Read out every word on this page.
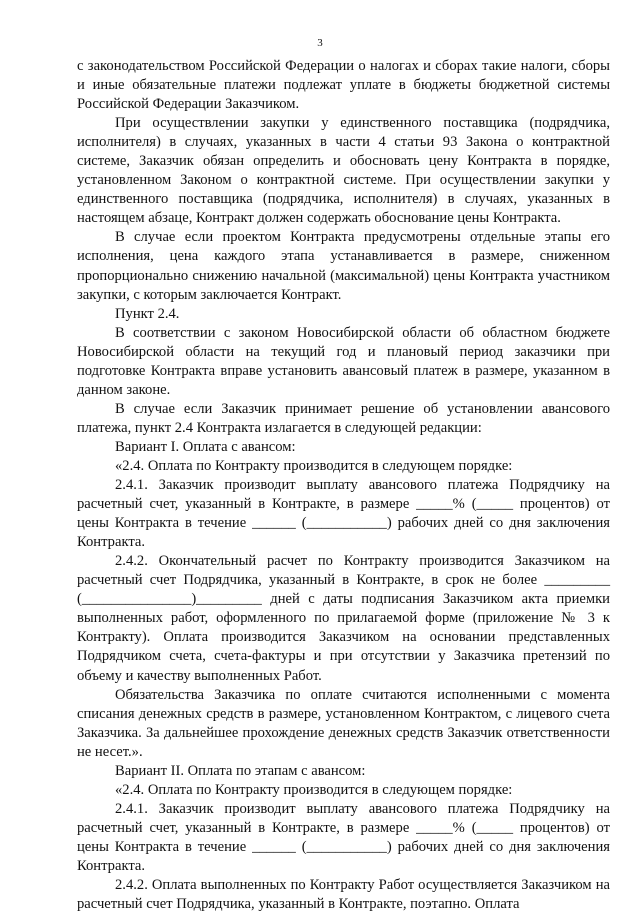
3

с законодательством Российской Федерации о налогах и сборах такие налоги, сборы и иные обязательные платежи подлежат уплате в бюджеты бюджетной системы Российской Федерации Заказчиком.

При осуществлении закупки у единственного поставщика (подрядчика, исполнителя) в случаях, указанных в части 4 статьи 93 Закона о контрактной системе, Заказчик обязан определить и обосновать цену Контракта в порядке, установленном Законом о контрактной системе. При осуществлении закупки у единственного поставщика (подрядчика, исполнителя) в случаях, указанных в настоящем абзаце, Контракт должен содержать обоснование цены Контракта.

В случае если проектом Контракта предусмотрены отдельные этапы его исполнения, цена каждого этапа устанавливается в размере, сниженном пропорционально снижению начальной (максимальной) цены Контракта участником закупки, с которым заключается Контракт.

Пункт 2.4.

В соответствии с законом Новосибирской области об областном бюджете Новосибирской области на текущий год и плановый период заказчики при подготовке Контракта вправе установить авансовый платеж в размере, указанном в данном законе.

В случае если Заказчик принимает решение об установлении авансового платежа, пункт 2.4 Контракта излагается в следующей редакции:

Вариант I. Оплата с авансом:

«2.4. Оплата по Контракту производится в следующем порядке:

2.4.1. Заказчик производит выплату авансового платежа Подрядчику на расчетный счет, указанный в Контракте, в размере _____% (_____ процентов) от цены Контракта в течение ______ (___________) рабочих дней со дня заключения Контракта.

2.4.2. Окончательный расчет по Контракту производится Заказчиком на расчетный счет Подрядчика, указанный в Контракте, в срок не более _________ (_______________)_________ дней с даты подписания Заказчиком акта приемки выполненных работ, оформленного по прилагаемой форме (приложение № 3 к Контракту). Оплата производится Заказчиком на основании представленных Подрядчиком счета, счета-фактуры и при отсутствии у Заказчика претензий по объему и качеству выполненных Работ.

Обязательства Заказчика по оплате считаются исполненными с момента списания денежных средств в размере, установленном Контрактом, с лицевого счета Заказчика. За дальнейшее прохождение денежных средств Заказчик ответственности не несет.».

Вариант II. Оплата по этапам с авансом:

«2.4. Оплата по Контракту производится в следующем порядке:

2.4.1. Заказчик производит выплату авансового платежа Подрядчику на расчетный счет, указанный в Контракте, в размере _____% (_____ процентов) от цены Контракта в течение ______ (___________) рабочих дней со дня заключения Контракта.

2.4.2. Оплата выполненных по Контракту Работ осуществляется Заказчиком на расчетный счет Подрядчика, указанный в Контракте, поэтапно. Оплата
